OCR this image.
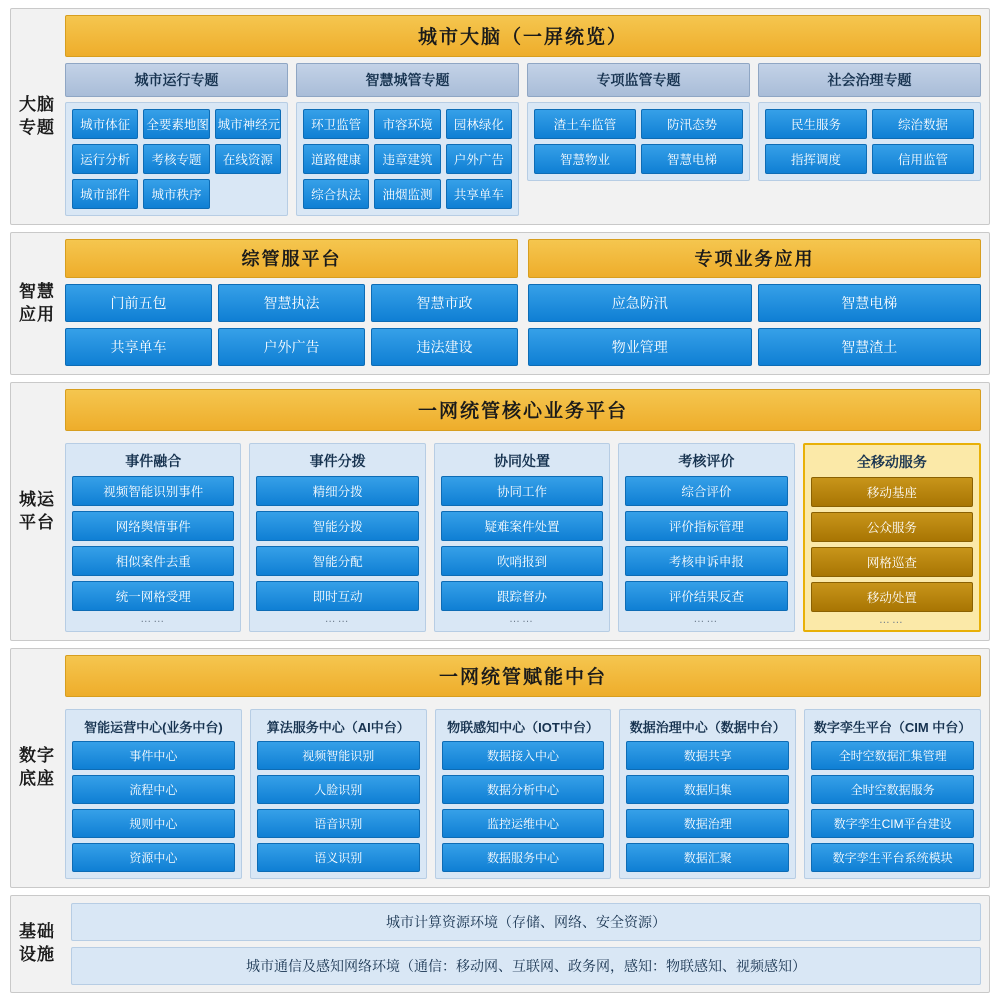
大脑
专题
城市大脑（一屏统览）
城市运行专题
城市体征	全要素地图 城市神经元
运行分析	考核专题	在线资源
城市部件	城市秩序
智慧城管专题
环卫监管	市容环境	园林绿化
道路健康	违章建筑	户外广告
综合执法	油烟监测	共享单车
专项监管专题
渣土车监管	防汛态势
智慧物业	智慧电梯
社会治理专题
民生服务	综治数据
指挥调度	信用监管
智慧
应用
综管服平台
门前五包	智慧执法	智慧市政
共享单车	户外广告	违法建设
专项业务应用
应急防汛	智慧电梯
物业管理	智慧渣土
城运
平台
一网统管核心业务平台
事件融合
视频智能识别事件
网络舆情事件
相似案件去重
统一网格受理
……
事件分拨
精细分拨
智能分拨
智能分配
即时互动
……
协同处置
协同工作
疑难案件处置
吹哨报到
跟踪督办
……
考核评价
综合评价
评价指标管理
考核申诉申报
评价结果反查
……
全移动服务
移动基座
公众服务
网格巡查
移动处置
……
数字
底座
一网统管赋能中台
智能运营中心(业务中台)
事件中心
流程中心
规则中心
资源中心
算法服务中心（AI中台）
视频智能识别
人脸识别
语音识别
语义识别
物联感知中心（IOT中台）
数据接入中心
数据分析中心
监控运维中心
数据服务中心
数据治理中心（数据中台）
数据共享
数据归集
数据治理
数据汇聚
数字孪生平台（CIM 中台）
全时空数据汇集管理
全时空数据服务
数字孪生CIM平台建设
数字孪生平台系统模块
基础
设施
城市计算资源环境（存储、网络、安全资源）
城市通信及感知网络环境（通信：移动网、互联网、政务网，感知：物联感知、视频感知）
